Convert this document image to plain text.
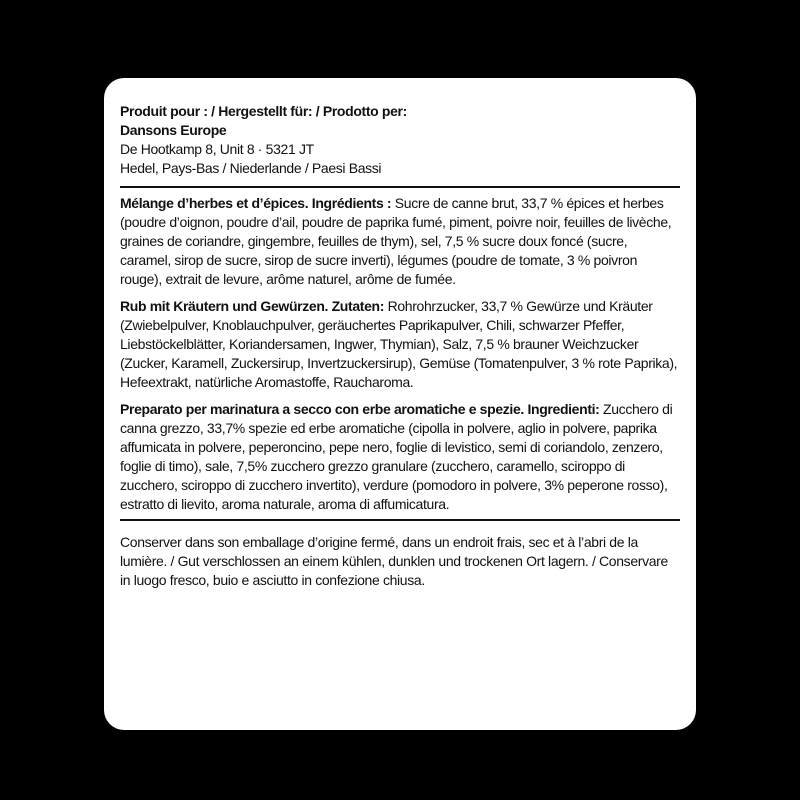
Produit pour : / Hergestellt für: / Prodotto per:

Dansons Europe

De Hootkamp 8, Unit 8 · 5321 JT

Hedel, Pays-Bas / Niederlande / Paesi Bassi

Mélange d’herbes et d’épices. Ingrédients : Sucre de canne brut, 33,7 % épices et herbes (poudre d’oignon, poudre d’ail, poudre de paprika fumé, piment, poivre noir, feuilles de livèche, graines de coriandre, gingembre, feuilles de thym), sel, 7,5 % sucre doux foncé (sucre, caramel, sirop de sucre, sirop de sucre inverti), légumes (poudre de tomate, 3 % poivron rouge), extrait de levure, arôme naturel, arôme de fumée.

Rub mit Kräutern und Gewürzen. Zutaten: Rohrohrzucker, 33,7 % Gewürze und Kräuter (Zwiebelpulver, Knoblauchpulver, geräuchertes Paprikapulver, Chili, schwarzer Pfeffer, Liebstöckelblätter, Koriandersamen, Ingwer, Thymian), Salz, 7,5 % brauner Weichzucker (Zucker, Karamell, Zuckersirup, Invertzuckersirup), Gemüse (Tomatenpulver, 3 % rote Paprika), Hefeextrakt, natürliche Aromastoffe, Raucharoma.

Preparato per marinatura a secco con erbe aromatiche e spezie. Ingredienti: Zucchero di canna grezzo, 33,7% spezie ed erbe aromatiche (cipolla in polvere, aglio in polvere, paprika affumicata in polvere, peperoncino, pepe nero, foglie di levistico, semi di coriandolo, zenzero, foglie di timo), sale, 7,5% zucchero grezzo granulare (zucchero, caramello, sciroppo di zucchero, sciroppo di zucchero invertito), verdure (pomodoro in polvere, 3% peperone rosso), estratto di lievito, aroma naturale, aroma di affumicatura.

Conserver dans son emballage d’origine fermé, dans un endroit frais, sec et à l’abri de la lumière. / Gut verschlossen an einem kühlen, dunklen und trockenen Ort lagern. / Conservare in luogo fresco, buio e asciutto in confezione chiusa.
